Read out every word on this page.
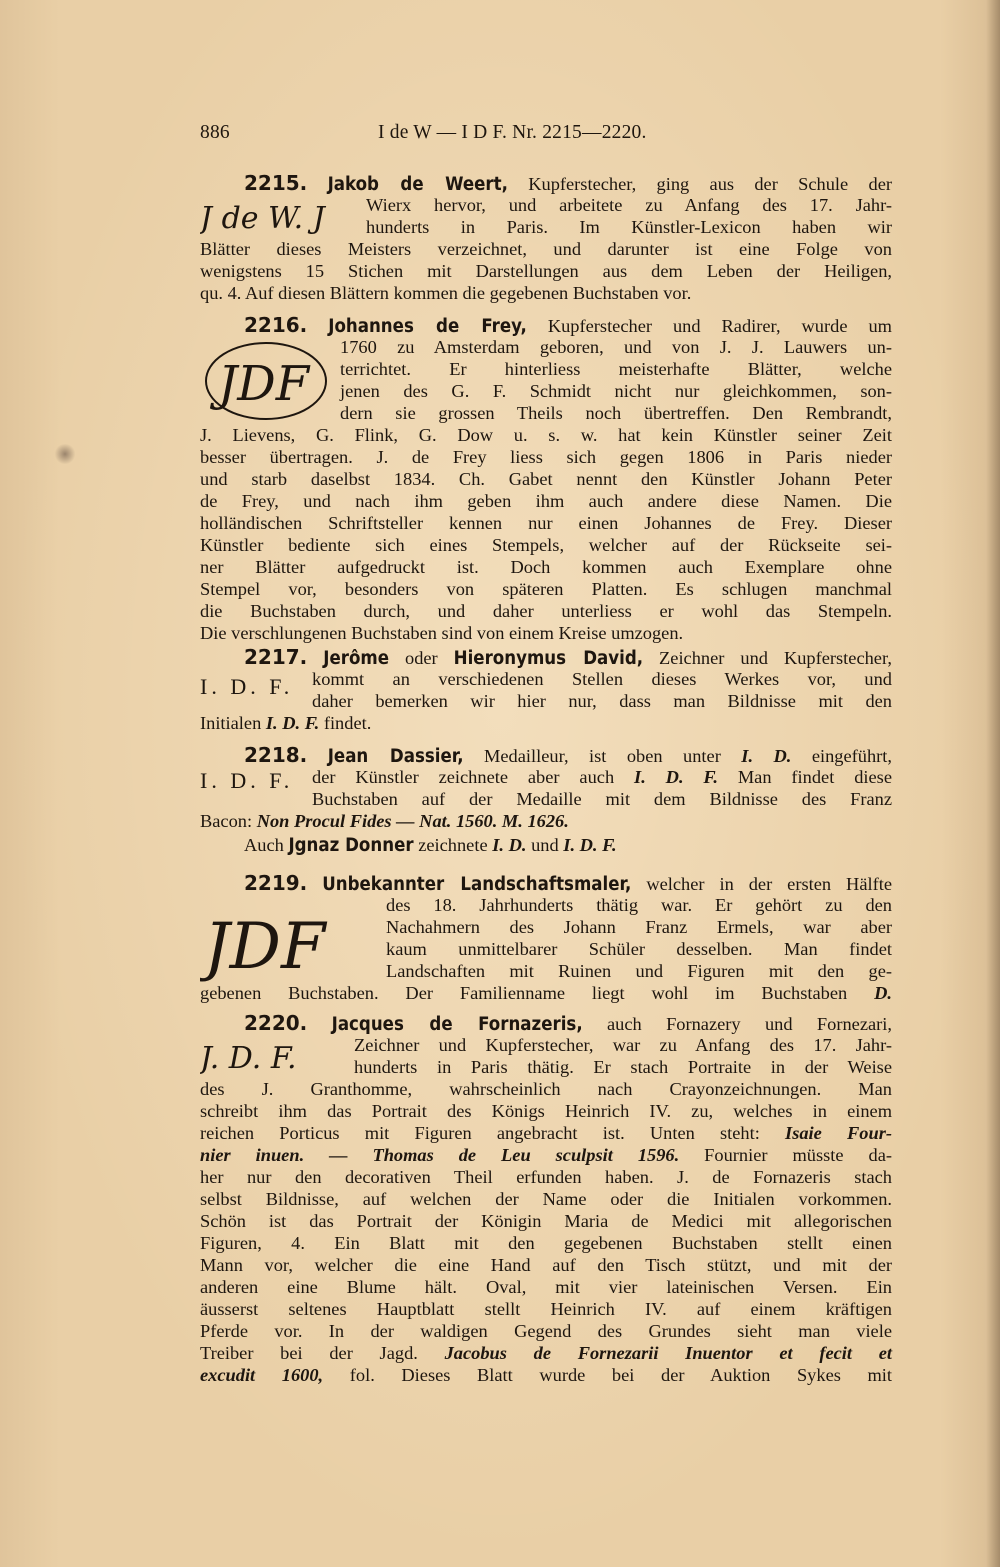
886	I de W — I D F. Nr. 2215—2220.
2215. Jakob de Weert, Kupferstecher, ging aus der Schule der
J de W. J Wierx hervor, und arbeitete zu Anfang des 17. Jahr-
hunderts in Paris. Im Künstler-Lexicon haben wir
Blätter dieses Meisters verzeichnet, und darunter ist eine Folge von
wenigstens 15 Stichen mit Darstellungen aus dem Leben der Heiligen,
qu. 4. Auf diesen Blättern kommen die gegebenen Buchstaben vor.
2216. Johannes de Frey, Kupferstecher und Radirer, wurde um
JDF
1760 zu Amsterdam geboren, und von J. J. Lauwers un-
terrichtet. Er hinterliess meisterhafte Blätter, welche
jenen des G. F. Schmidt nicht nur gleichkommen, son-
dern sie grossen Theils noch übertreffen. Den Rembrandt,
J. Lievens, G. Flink, G. Dow u. s. w. hat kein Künstler seiner Zeit
besser übertragen. J. de Frey liess sich gegen 1806 in Paris nieder
und starb daselbst 1834. Ch. Gabet nennt den Künstler Johann Peter
de Frey, und nach ihm geben ihm auch andere diese Namen. Die
holländischen Schriftsteller kennen nur einen Johannes de Frey. Dieser
Künstler bediente sich eines Stempels, welcher auf der Rückseite sei-
ner Blätter aufgedruckt ist. Doch kommen auch Exemplare ohne
Stempel vor, besonders von späteren Platten. Es schlugen manchmal
die Buchstaben durch, und daher unterliess er wohl das Stempeln.
Die verschlungenen Buchstaben sind von einem Kreise umzogen.
2217. Jerôme oder Hieronymus David, Zeichner und Kupferstecher,
I. D. F. kommt an verschiedenen Stellen dieses Werkes vor, und
daher bemerken wir hier nur, dass man Bildnisse mit den
Initialen I. D. F. findet.
2218. Jean Dassier, Medailleur, ist oben unter I. D. eingeführt,
I. D. F. der Künstler zeichnete aber auch I. D. F. Man findet diese
Buchstaben auf der Medaille mit dem Bildnisse des Franz
Bacon: Non Procul Fides — Nat. 1560. M. 1626.
Auch Jgnaz Donner zeichnete I. D. und I. D. F.
2219. Unbekannter Landschaftsmaler, welcher in der ersten Hälfte
JDF
des 18. Jahrhunderts thätig war. Er gehört zu den
Nachahmern des Johann Franz Ermels, war aber
kaum unmittelbarer Schüler desselben. Man findet
Landschaften mit Ruinen und Figuren mit den ge-
gebenen Buchstaben. Der Familienname liegt wohl im Buchstaben D.
2220. Jacques de Fornazeris, auch Fornazery und Fornezari,
J. D. F.	Zeichner und Kupferstecher, war zu Anfang des 17. Jahr-
hunderts in Paris thätig. Er stach Portraite in der Weise
des J. Granthomme, wahrscheinlich nach Crayonzeichnungen. Man
schreibt ihm das Portrait des Königs Heinrich IV. zu, welches in einem
reichen Porticus mit Figuren angebracht ist. Unten steht: Isaie Four-
nier inuen. — Thomas de Leu sculpsit 1596. Fournier müsste da-
her nur den decorativen Theil erfunden haben. J. de Fornazeris stach
selbst Bildnisse, auf welchen der Name oder die Initialen vorkommen.
Schön ist das Portrait der Königin Maria de Medici mit allegorischen
Figuren, 4. Ein Blatt mit den gegebenen Buchstaben stellt einen
Mann vor, welcher die eine Hand auf den Tisch stützt, und mit der
anderen eine Blume hält. Oval, mit vier lateinischen Versen. Ein
äusserst seltenes Hauptblatt stellt Heinrich IV. auf einem kräftigen
Pferde vor. In der waldigen Gegend des Grundes sieht man viele
Treiber bei der Jagd. Jacobus de Fornezarii Inuentor et fecit et
excudit 1600, fol. Dieses Blatt wurde bei der Auktion Sykes mit
